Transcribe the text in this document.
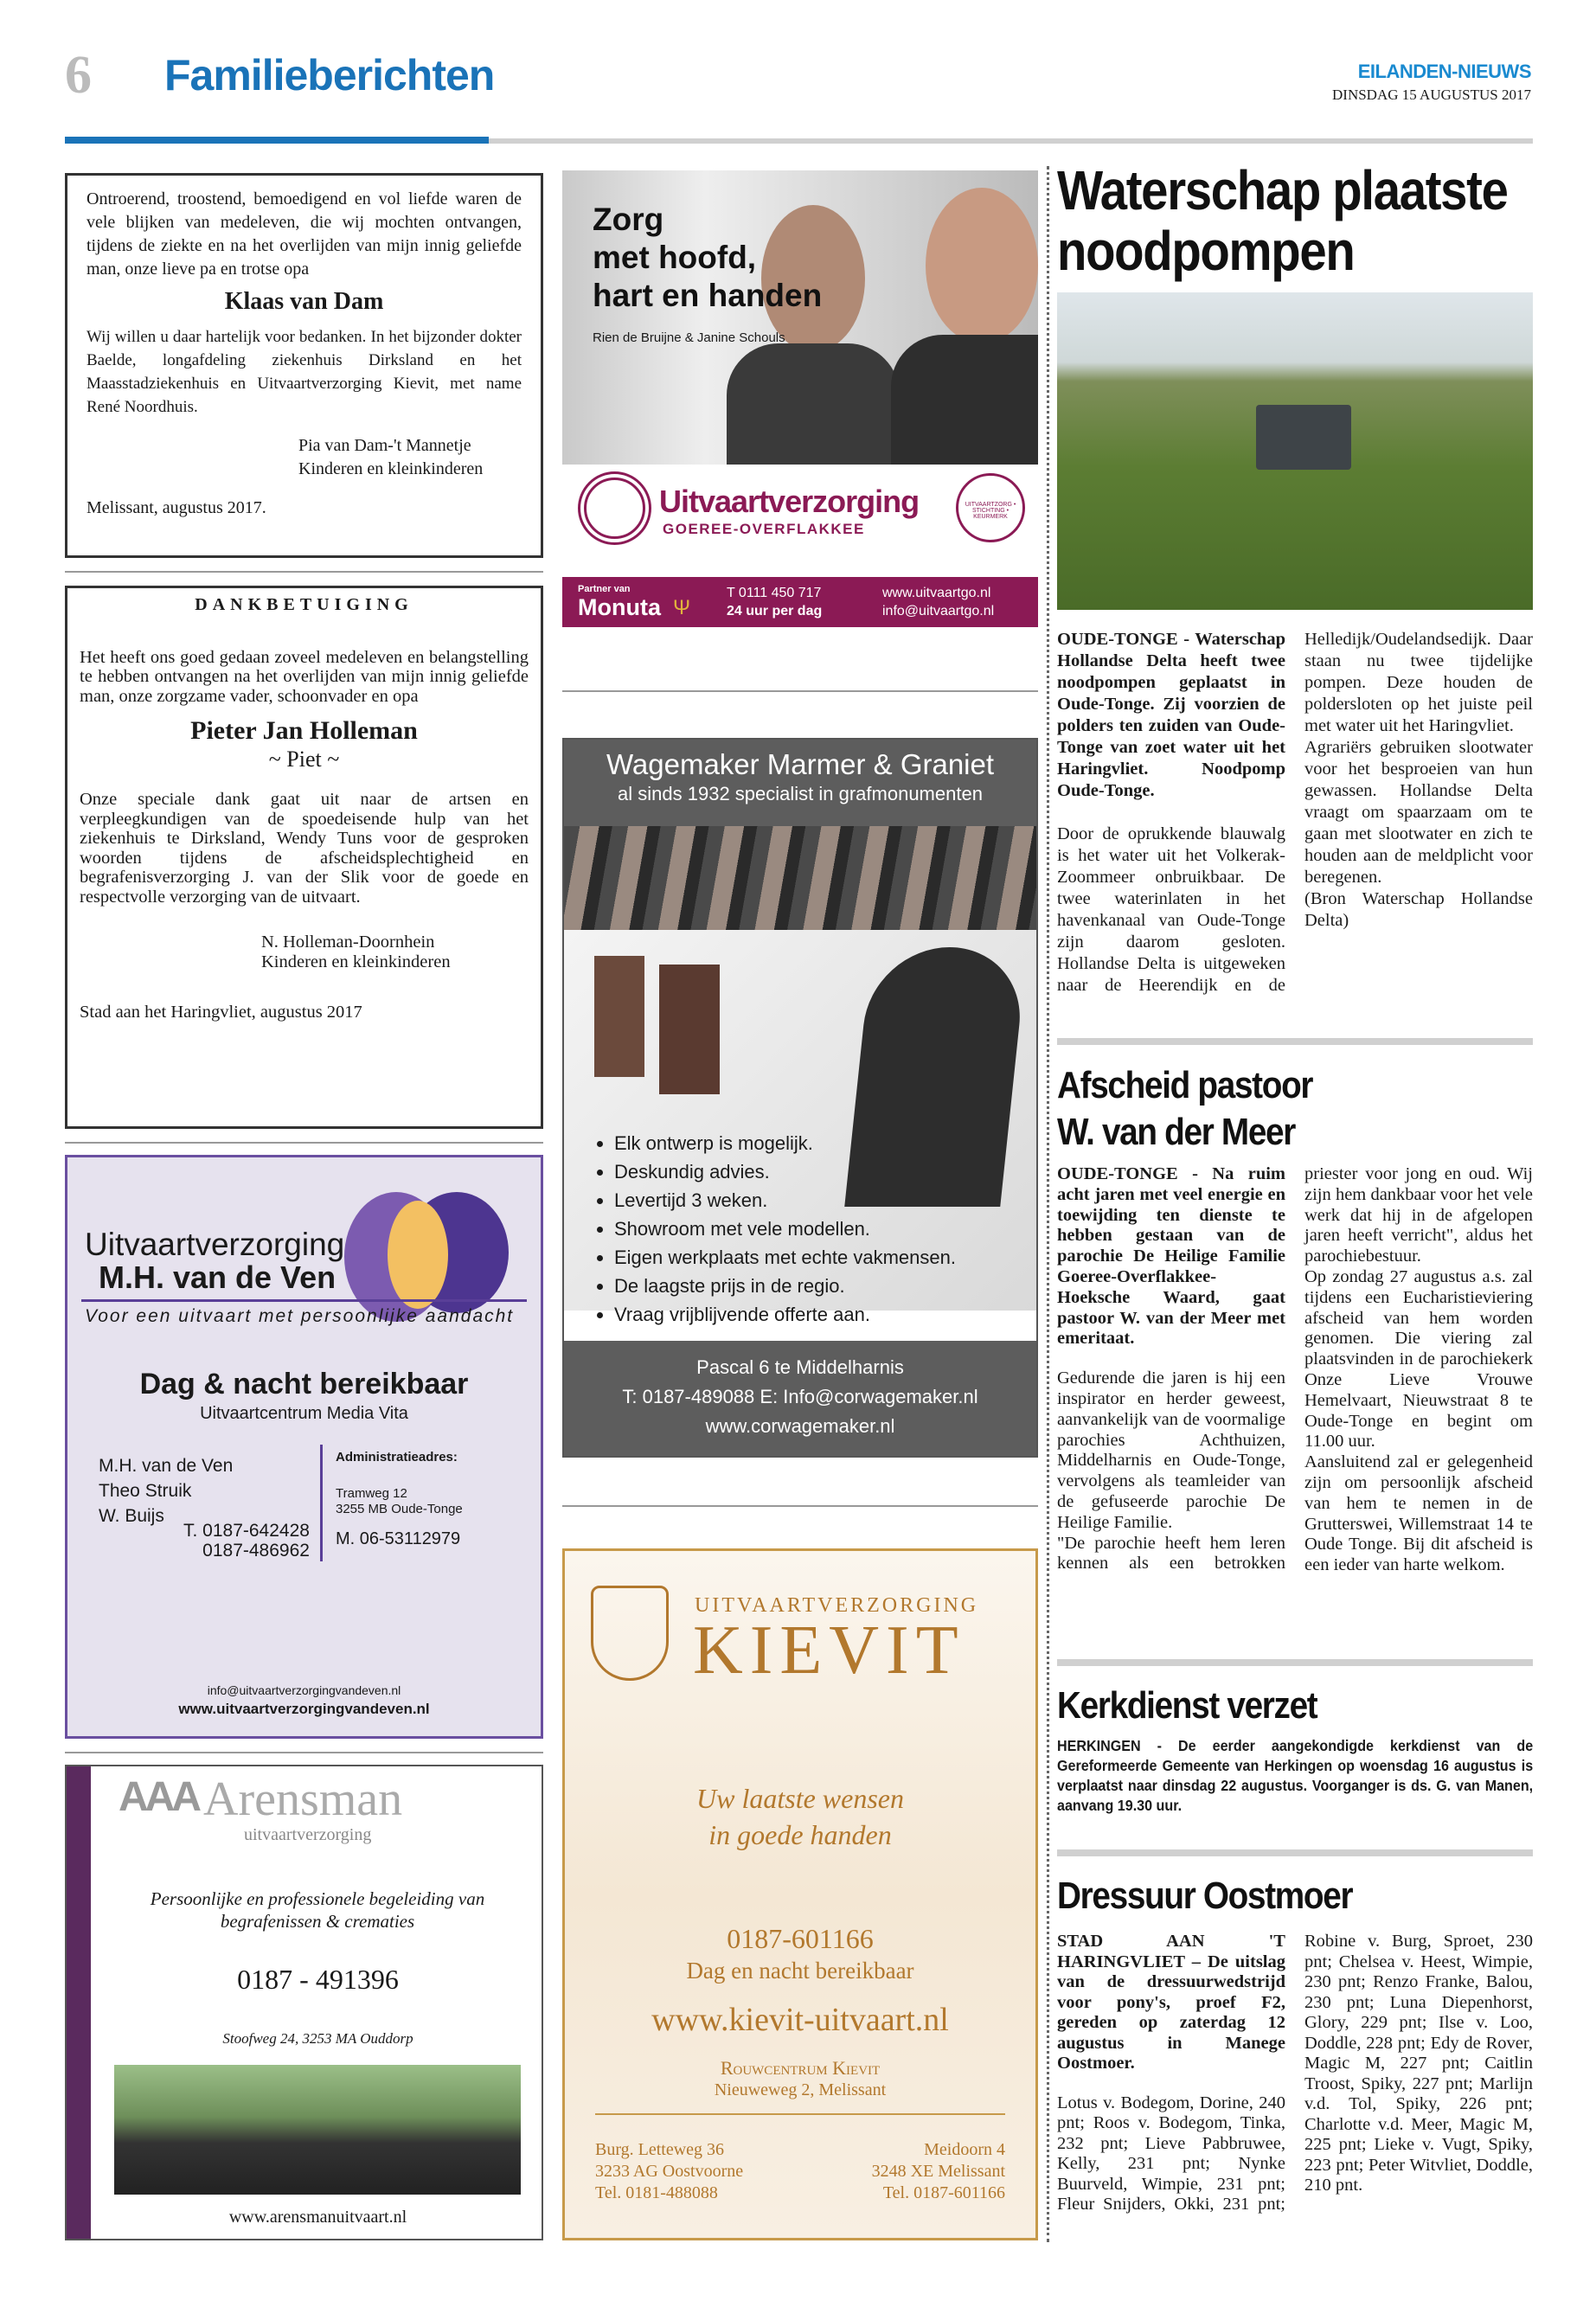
6 Familieberichten	EILANDEN-NIEUWS
DINSDAG 15 AUGUSTUS 2017

Ontroerend, troostend, bemoedigend en vol liefde waren de vele blijken van medeleven, die wij mochten ontvangen, tijdens de ziekte en na het overlijden van mijn innig geliefde man, onze lieve pa en trotse opa

Klaas van Dam

Wij willen u daar hartelijk voor bedanken. In het bijzonder dokter Baelde, longafdeling ziekenhuis Dirksland en het Maasstadziekenhuis en Uitvaartverzorging Kievit, met name René Noordhuis.

Pia van Dam-'t Mannetje
Kinderen en kleinkinderen
Melissant, augustus 2017.
DANKBETUIGING

Het heeft ons goed gedaan zoveel medeleven en belangstelling te hebben ontvangen na het overlijden van mijn innig geliefde man, onze zorgzame vader, schoonvader en opa

Pieter Jan Holleman
~ Piet ~

Onze speciale dank gaat uit naar de artsen en verpleegkundigen van de spoedeisende hulp van het ziekenhuis te Dirksland, Wendy Tuns voor de gesproken woorden tijdens de afscheidsplechtigheid en begrafenisverzorging J. van der Slik voor de goede en respectvolle verzorging van de uitvaart.

N. Holleman-Doornhein
Kinderen en kleinkinderen
Stad aan het Haringvliet, augustus 2017
Uitvaartverzorging
M.H. van de Ven
Voor een uitvaart met persoonlijke aandacht
Dag & nacht bereikbaar
Uitvaartcentrum Media Vita
M.H. van de Ven
Theo Struik
W. Buijs
T. 0187-642428
0187-486962
Administratieadres:
Tramweg 12
3255 MB Oude-Tonge
M. 06-53112979
info@uitvaartverzorgingvandeven.nl
www.uitvaartverzorgingvandeven.nl
AAA Arensman
uitvaartverzorging
Persoonlijke en professionele begeleiding van begrafenissen & crematies
0187 - 491396
Stoofweg 24, 3253 MA Ouddorp
www.arensmanuitvaart.nl
Zorg
met hoofd,
hart en handen
Rien de Bruijne & Janine Schouls
Uitvaartverzorging
GOEREE-OVERFLAKKEE
UITVAARTZORG • STICHTING • KEURMERK
Partner van
Monuta Ψ
T 0111 450 717
24 uur per dag
www.uitvaartgo.nl
info@uitvaartgo.nl
Wagemaker Marmer & Graniet
al sinds 1932 specialist in grafmonumenten
• Elk ontwerp is mogelijk.
• Deskundig advies.
• Levertijd 3 weken.
• Showroom met vele modellen.
• Eigen werkplaats met echte vakmensen.
• De laagste prijs in de regio.
• Vraag vrijblijvende offerte aan.
Pascal 6 te Middelharnis
T: 0187-489088 E: Info@corwagemaker.nl
www.corwagemaker.nl
UITVAARTVERZORGING
KIEVIT
Uw laatste wensen
in goede handen
0187-601166
Dag en nacht bereikbaar
www.kievit-uitvaart.nl
Rouwcentrum Kievit
Nieuweweg 2, Melissant
Burg. Letteweg 36
3233 AG Oostvoorne
Tel. 0181-488088
Meidoorn 4
3248 XE Melissant
Tel. 0187-601166
Waterschap plaatste noodpompen

OUDE-TONGE - Waterschap Hollandse Delta heeft twee noodpompen geplaatst in Oude-Tonge. Zij voorzien de polders ten zuiden van Oude-Tonge van zoet water uit het Haringvliet. Noodpomp Oude-Tonge.

Door de oprukkende blauwalg is het water uit het Volkerak-Zoommeer onbruikbaar. De twee waterinlaten in het havenkanaal van Oude-Tonge zijn daarom gesloten. Hollandse Delta is uitgeweken naar de Heerendijk en de Helledijk/Oudelandsedijk. Daar staan nu twee tijdelijke pompen. Deze houden de poldersloten op het juiste peil met water uit het Haringvliet.

Agrariërs gebruiken slootwater voor het besproeien van hun gewassen. Hollandse Delta vraagt om spaarzaam om te gaan met slootwater en zich te houden aan de meldplicht voor beregenen.

(Bron Waterschap Hollandse Delta)

Afscheid pastoor
W. van der Meer

OUDE-TONGE - Na ruim acht jaren met veel energie en toewijding ten dienste te hebben gestaan van de parochie De Heilige Familie Goeree-Overflakkee-Hoeksche Waard, gaat pastoor W. van der Meer met emeritaat.

Gedurende die jaren is hij een inspirator en herder geweest, aanvankelijk van de voormalige parochies Achthuizen, Middelharnis en Oude-Tonge, vervolgens als teamleider van de gefuseerde parochie De Heilige Familie.

"De parochie heeft hem leren kennen als een betrokken priester voor jong en oud. Wij zijn hem dankbaar voor het vele werk dat hij in de afgelopen jaren heeft verricht", aldus het parochiebestuur.

Op zondag 27 augustus a.s. zal tijdens een Eucharistieviering afscheid van hem worden genomen. Die viering zal plaatsvinden in de parochiekerk Onze Lieve Vrouwe Hemelvaart, Nieuwstraat 8 te Oude-Tonge en begint om 11.00 uur.

Aansluitend zal er gelegenheid zijn om persoonlijk afscheid van hem te nemen in de Grutterswei, Willemstraat 14 te Oude Tonge. Bij dit afscheid is een ieder van harte welkom.

Kerkdienst verzet

HERKINGEN - De eerder aangekondigde kerkdienst van de Gereformeerde Gemeente van Herkingen op woensdag 16 augustus is verplaatst naar dinsdag 22 augustus. Voorganger is ds. G. van Manen, aanvang 19.30 uur.

Dressuur Oostmoer

STAD AAN 'T HARINGVLIET – De uitslag van de dressuurwedstrijd voor pony's, proef F2, gereden op zaterdag 12 augustus in Manege Oostmoer.

Lotus v. Bodegom, Dorine, 240 pnt; Roos v. Bodegom, Tinka, 232 pnt; Lieve Pabbruwee, Kelly, 231 pnt; Nynke Buurveld, Wimpie, 231 pnt; Fleur Snijders, Okki, 231 pnt; Robine v. Burg, Sproet, 230 pnt; Chelsea v. Heest, Wimpie, 230 pnt; Renzo Franke, Balou, 230 pnt; Luna Diepenhorst, Glory, 229 pnt; Ilse v. Loo, Doddle, 228 pnt; Edy de Rover, Magic M, 227 pnt; Caitlin Troost, Spiky, 227 pnt; Marlijn v.d. Tol, Spiky, 226 pnt; Charlotte v.d. Meer, Magic M, 225 pnt; Lieke v. Vugt, Spiky, 223 pnt; Peter Witvliet, Doddle, 210 pnt.
